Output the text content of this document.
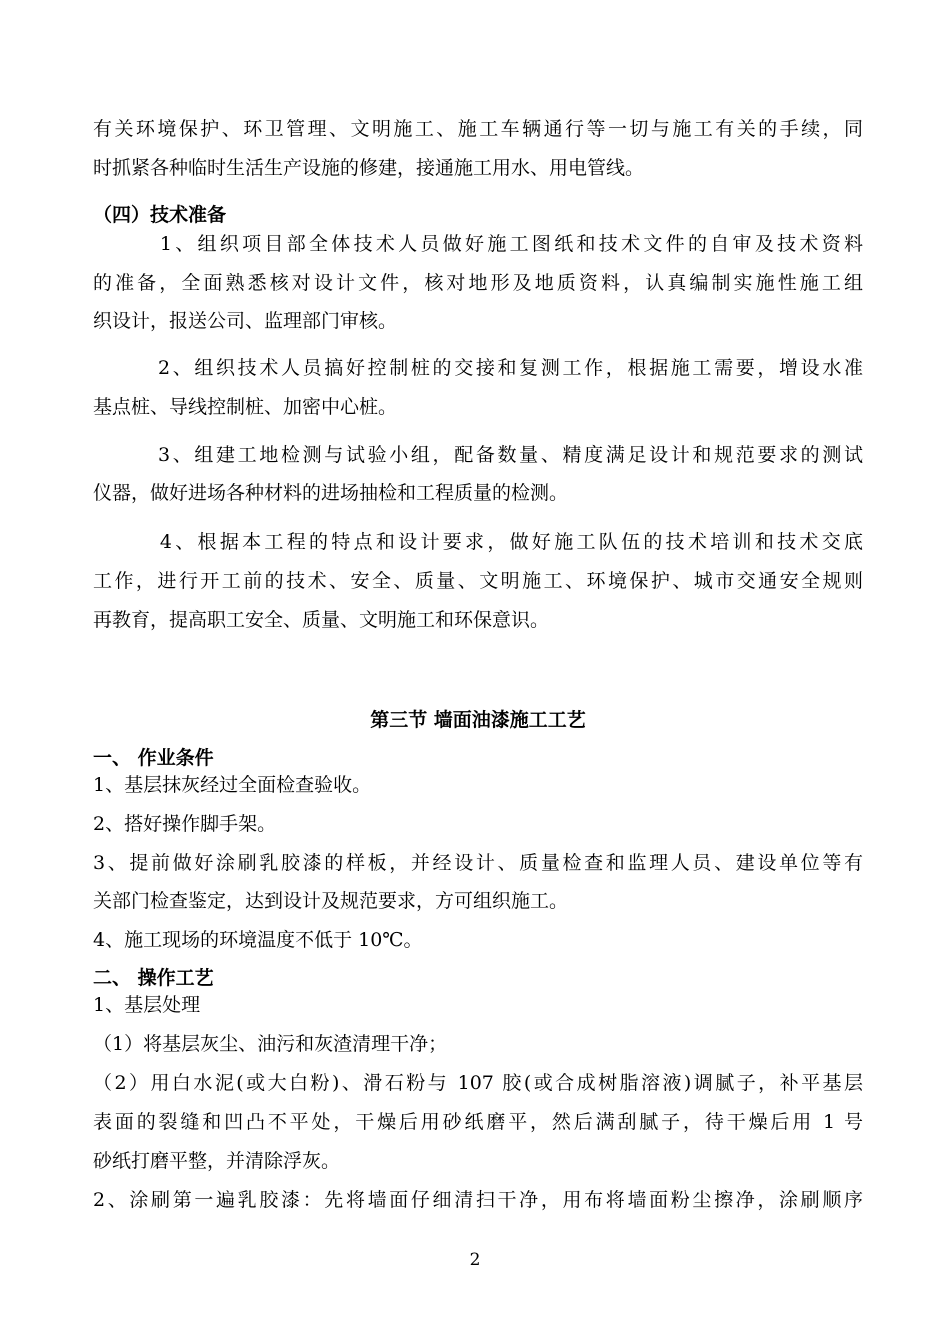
有关环境保护、环卫管理、文明施工、施工车辆通行等一切与施工有关的手续，同
时抓紧各种临时生活生产设施的修建，接通施工用水、用电管线。
（四）技术准备
　　　1、组织项目部全体技术人员做好施工图纸和技术文件的自审及技术资料
的准备，全面熟悉核对设计文件，核对地形及地质资料，认真编制实施性施工组
织设计，报送公司、监理部门审核。
　　　2、组织技术人员搞好控制桩的交接和复测工作，根据施工需要，增设水准
基点桩、导线控制桩、加密中心桩。
　　　3、组建工地检测与试验小组，配备数量、精度满足设计和规范要求的测试
仪器，做好进场各种材料的进场抽检和工程质量的检测。
　　　4、根据本工程的特点和设计要求，做好施工队伍的技术培训和技术交底
工作，进行开工前的技术、安全、质量、文明施工、环境保护、城市交通安全规则
再教育，提高职工安全、质量、文明施工和环保意识。
第三节 墙面油漆施工工艺
一、 作业条件
1、基层抹灰经过全面检查验收。
2、搭好操作脚手架。
3、提前做好涂刷乳胶漆的样板，并经设计、质量检查和监理人员、建设单位等有
关部门检查鉴定，达到设计及规范要求，方可组织施工。
4、施工现场的环境温度不低于 10℃。
二、 操作工艺
1、基层处理
（1）将基层灰尘、油污和灰渣清理干净；
（2）用白水泥(或大白粉)、滑石粉与 107 胶(或合成树脂溶液)调腻子，补平基层
表面的裂缝和凹凸不平处，干燥后用砂纸磨平，然后满刮腻子，待干燥后用 1 号
砂纸打磨平整，并清除浮灰。
2、涂刷第一遍乳胶漆：先将墙面仔细清扫干净，用布将墙面粉尘擦净，涂刷顺序
2
